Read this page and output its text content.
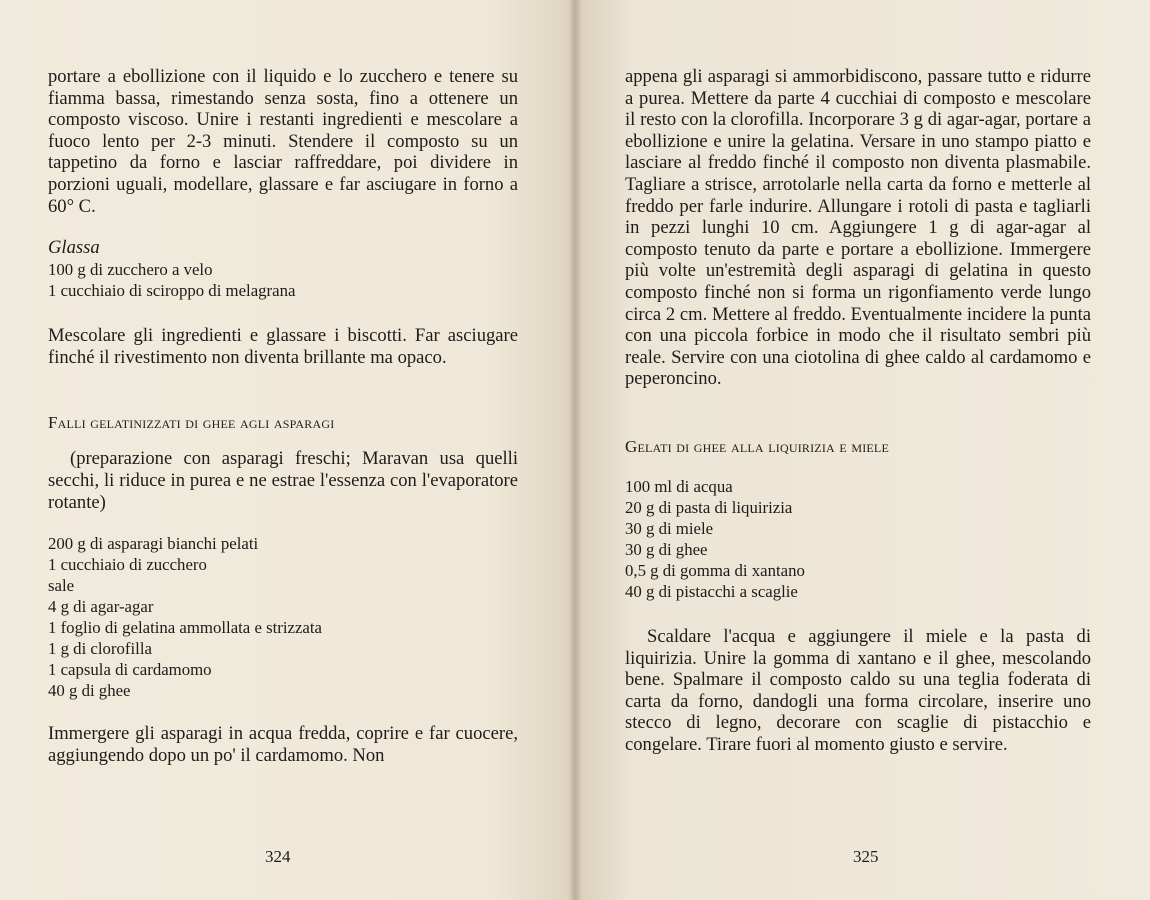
portare a ebollizione con il liquido e lo zucchero e tenere su fiamma bassa, rimestando senza sosta, fino a ottenere un composto viscoso. Unire i restanti ingredienti e mescolare a fuoco lento per 2-3 minuti. Stendere il composto su un tappetino da forno e lasciar raffreddare, poi dividere in porzioni uguali, modellare, glassare e far asciugare in forno a 60° C.

Glassa

100 g di zucchero a velo
1 cucchiaio di sciroppo di melagrana

Mescolare gli ingredienti e glassare i biscotti. Far asciugare finché il rivestimento non diventa brillante ma opaco.

Falli gelatinizzati di ghee agli asparagi

(preparazione con asparagi freschi; Maravan usa quelli secchi, li riduce in purea e ne estrae l'essenza con l'evaporatore rotante)

200 g di asparagi bianchi pelati
1 cucchiaio di zucchero
sale
4 g di agar-agar
1 foglio di gelatina ammollata e strizzata
1 g di clorofilla
1 capsula di cardamomo
40 g di ghee

Immergere gli asparagi in acqua fredda, coprire e far cuocere, aggiungendo dopo un po' il cardamomo. Non

324

appena gli asparagi si ammorbidiscono, passare tutto e ridurre a purea. Mettere da parte 4 cucchiai di composto e mescolare il resto con la clorofilla. Incorporare 3 g di agar-agar, portare a ebollizione e unire la gelatina. Versare in uno stampo piatto e lasciare al freddo finché il composto non diventa plasmabile. Tagliare a strisce, arrotolarle nella carta da forno e metterle al freddo per farle indurire. Allungare i rotoli di pasta e tagliarli in pezzi lunghi 10 cm. Aggiungere 1 g di agar-agar al composto tenuto da parte e portare a ebollizione. Immergere più volte un'estremità degli asparagi di gelatina in questo composto finché non si forma un rigonfiamento verde lungo circa 2 cm. Mettere al freddo. Eventualmente incidere la punta con una piccola forbice in modo che il risultato sembri più reale. Servire con una ciotolina di ghee caldo al cardamomo e peperoncino.

Gelati di ghee alla liquirizia e miele

100 ml di acqua
20 g di pasta di liquirizia
30 g di miele
30 g di ghee
0,5 g di gomma di xantano
40 g di pistacchi a scaglie

Scaldare l'acqua e aggiungere il miele e la pasta di liquirizia. Unire la gomma di xantano e il ghee, mescolando bene. Spalmare il composto caldo su una teglia foderata di carta da forno, dandogli una forma circolare, inserire uno stecco di legno, decorare con scaglie di pistacchio e congelare. Tirare fuori al momento giusto e servire.

325
